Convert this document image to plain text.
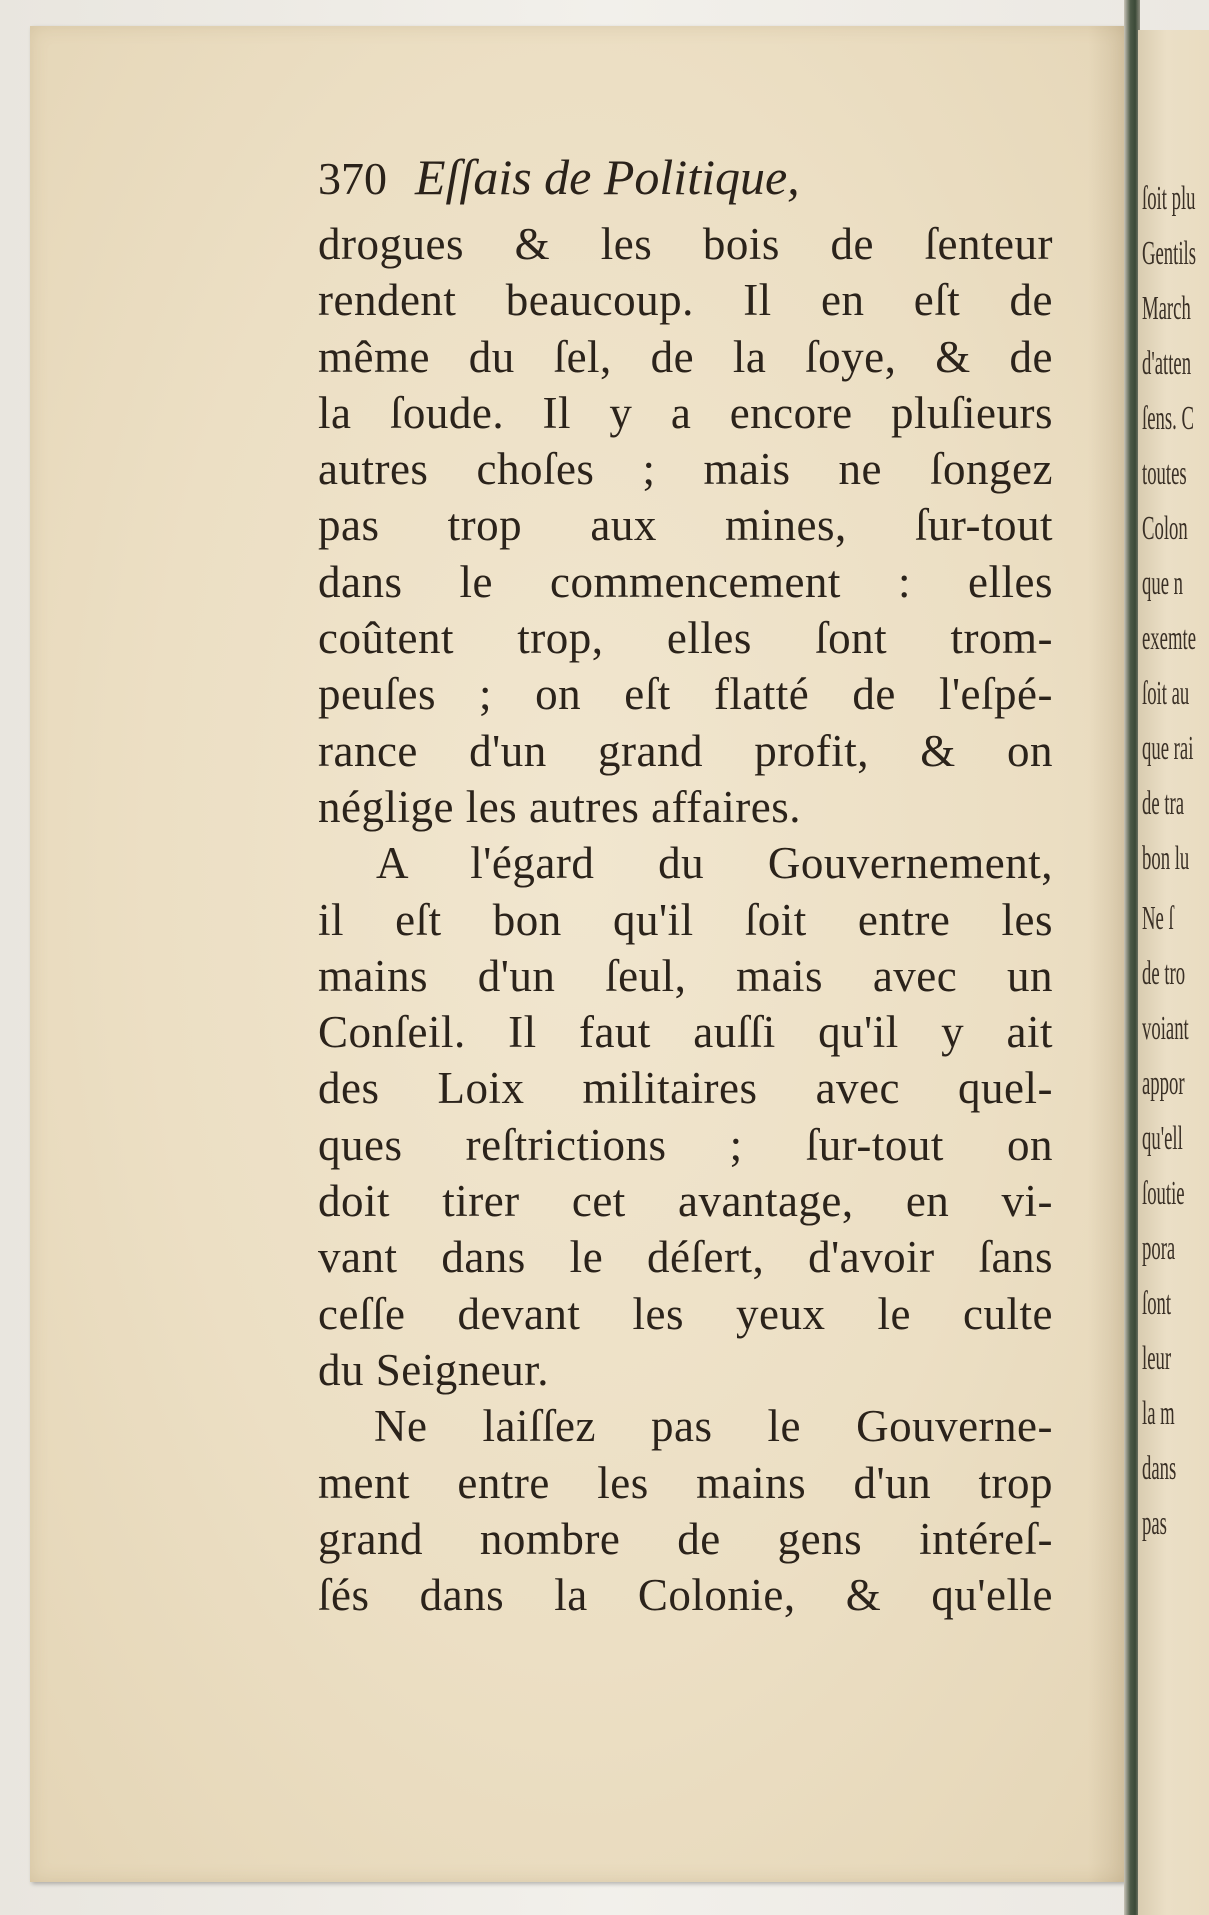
370 Eſſais de Politique,
drogues & les bois de ſenteur
rendent beaucoup. Il en eſt de
même du ſel, de la ſoye, & de
la ſoude. Il y a encore pluſieurs
autres choſes ; mais ne ſongez
pas trop aux mines, ſur-tout
dans le commencement : elles
coûtent trop, elles ſont trom-
peuſes ; on eſt flatté de l'eſpé-
rance d'un grand profit, & on
néglige les autres affaires.
A l'égard du Gouvernement,
il eſt bon qu'il ſoit entre les
mains d'un ſeul, mais avec un
Conſeil. Il faut auſſi qu'il y ait
des Loix militaires avec quel-
ques reſtrictions ; ſur-tout on
doit tirer cet avantage, en vi-
vant dans le déſert, d'avoir ſans
ceſſe devant les yeux le culte
du Seigneur.
Ne laiſſez pas le Gouverne-
ment entre les mains d'un trop
grand nombre de gens intéreſ-
ſés dans la Colonie, & qu'elle
ſoit plu
Gentils
March
d'atten
ſens. C
toutes
Colon
que n
exemte
ſoit au
que rai
de tra
bon lu
Ne ſ
de tro
voiant
appor
qu'ell
ſoutie
pora
ſont
leur
la m
dans
pas
